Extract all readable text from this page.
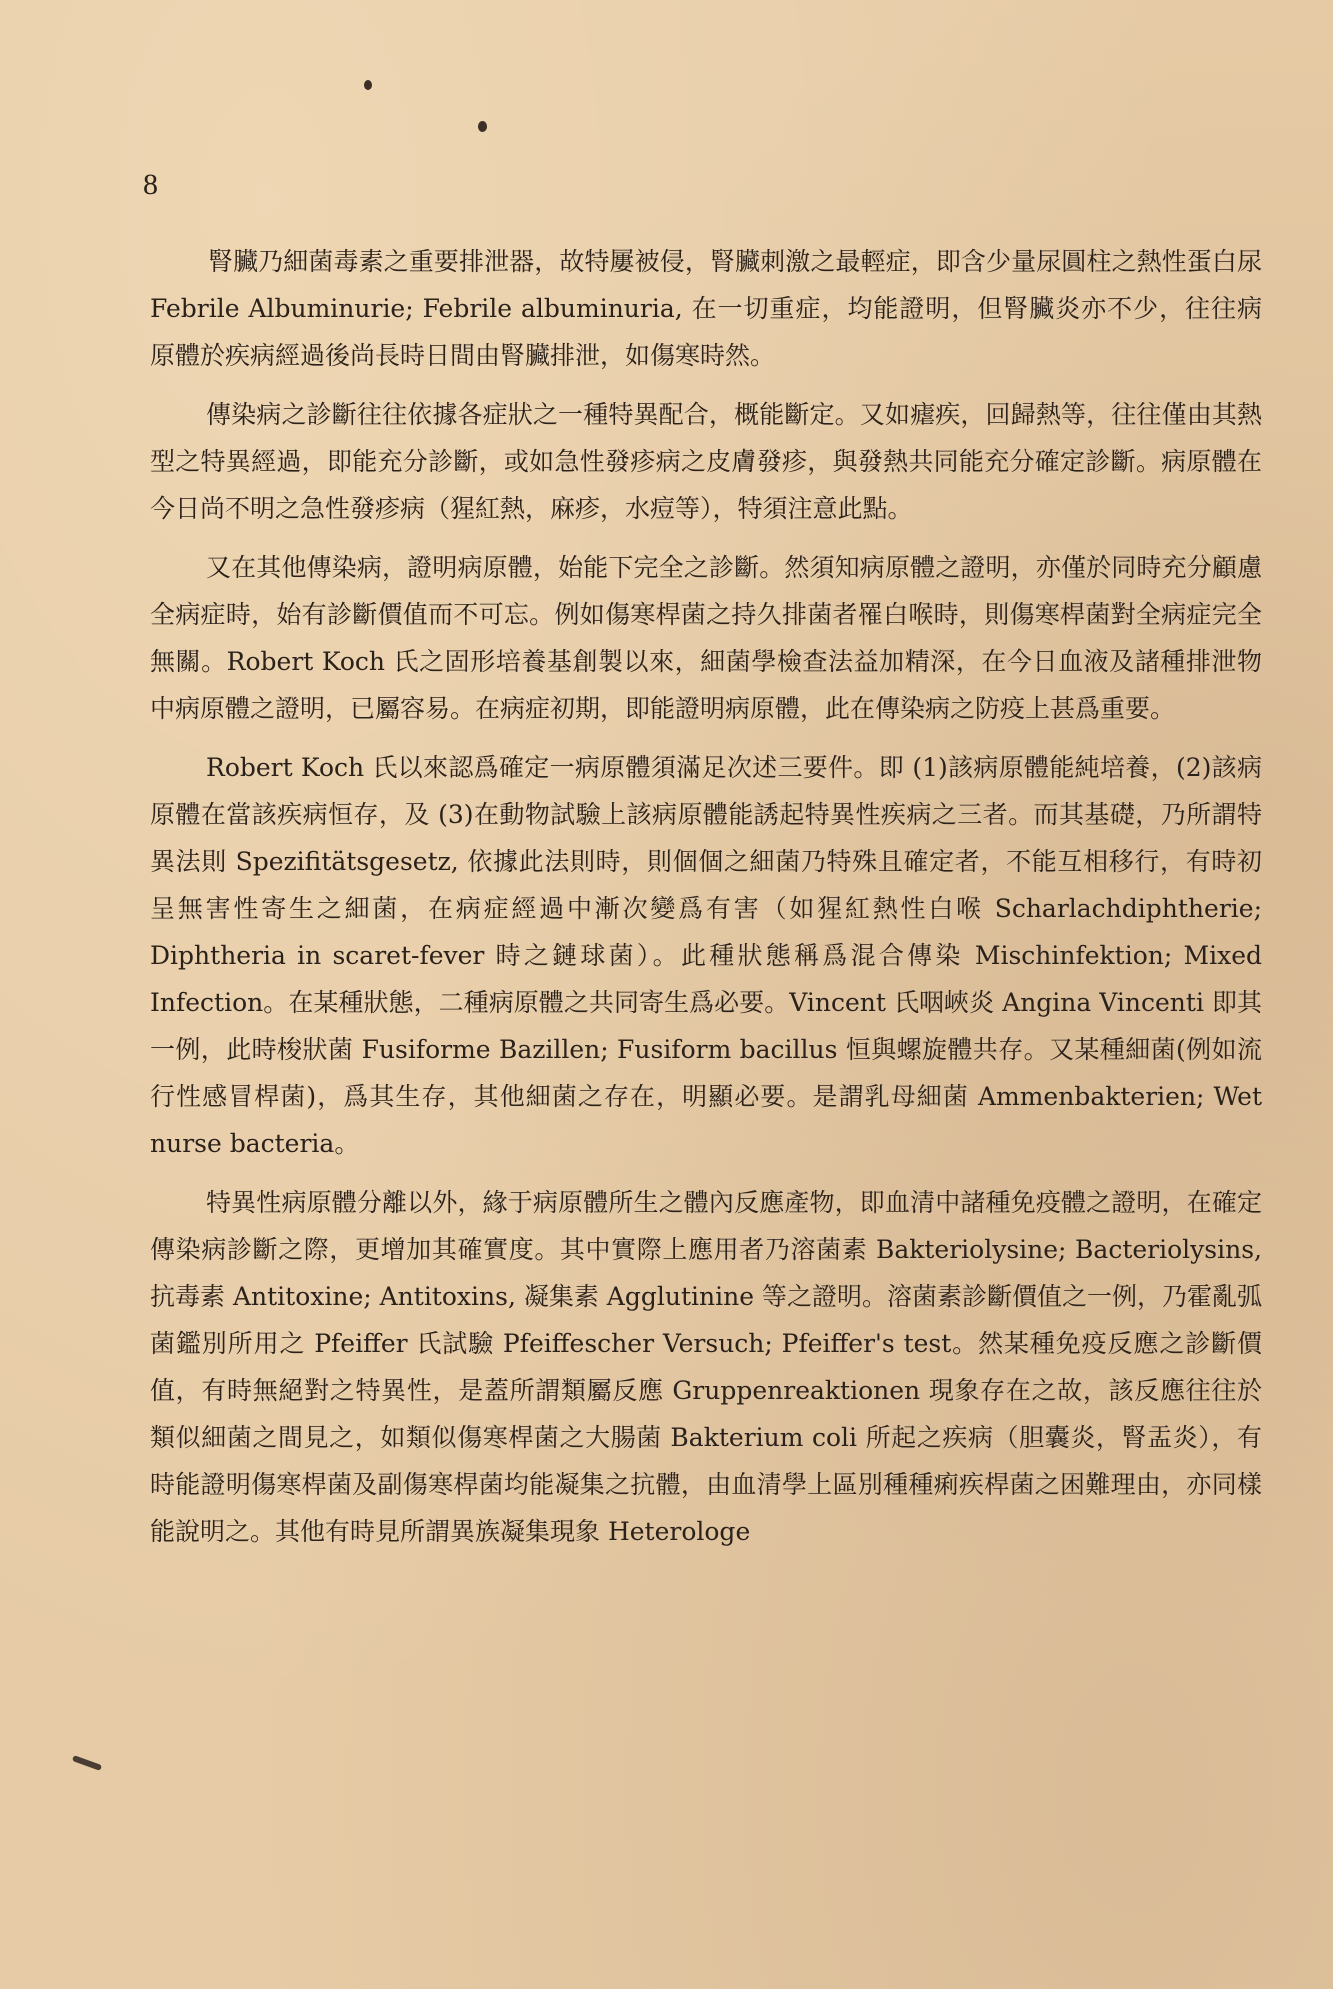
8

腎臟乃細菌毒素之重要排泄器，故特屢被侵，腎臟刺激之最輕症，即含少量尿圓柱之熱性蛋白尿 Febrile Albuminurie; Febrile albuminuria, 在一切重症，均能證明，但腎臟炎亦不少，往往病原體於疾病經過後尚長時日間由腎臟排泄，如傷寒時然。

傳染病之診斷往往依據各症狀之一種特異配合，概能斷定。又如瘧疾，回歸熱等，往往僅由其熱型之特異經過，即能充分診斷，或如急性發疹病之皮膚發疹，與發熱共同能充分確定診斷。病原體在今日尚不明之急性發疹病（猩紅熱，麻疹，水痘等），特須注意此點。

又在其他傳染病，證明病原體，始能下完全之診斷。然須知病原體之證明，亦僅於同時充分顧慮全病症時，始有診斷價值而不可忘。例如傷寒桿菌之持久排菌者罹白喉時，則傷寒桿菌對全病症完全無關。Robert Koch 氏之固形培養基創製以來，細菌學檢查法益加精深，在今日血液及諸種排泄物中病原體之證明，已屬容易。在病症初期，即能證明病原體，此在傳染病之防疫上甚爲重要。

Robert Koch 氏以來認爲確定一病原體須滿足次述三要件。即 (1)該病原體能純培養，(2)該病原體在當該疾病恒存，及 (3)在動物試驗上該病原體能誘起特異性疾病之三者。而其基礎，乃所謂特異法則 Spezifitätsgesetz, 依據此法則時，則個個之細菌乃特殊且確定者，不能互相移行，有時初呈無害性寄生之細菌，在病症經過中漸次變爲有害（如猩紅熱性白喉 Scharlachdiphtherie; Diphtheria in scaret-fever 時之鏈球菌）。此種狀態稱爲混合傳染 Mischinfektion; Mixed Infection。在某種狀態，二種病原體之共同寄生爲必要。Vincent 氏咽峽炎 Angina Vincenti 即其一例，此時梭狀菌 Fusiforme Bazillen; Fusiform bacillus 恒與螺旋體共存。又某種細菌(例如流行性感冒桿菌)，爲其生存，其他細菌之存在，明顯必要。是謂乳母細菌 Ammenbakterien; Wet nurse bacteria。

特異性病原體分離以外，緣于病原體所生之體內反應產物，即血清中諸種免疫體之證明，在確定傳染病診斷之際，更增加其確實度。其中實際上應用者乃溶菌素 Bakteriolysine; Bacteriolysins, 抗毒素 Antitoxine; Antitoxins, 凝集素 Agglutinine 等之證明。溶菌素診斷價值之一例，乃霍亂弧菌鑑別所用之 Pfeiffer 氏試驗 Pfeiffescher Versuch; Pfeiffer's test。然某種免疫反應之診斷價值，有時無絕對之特異性，是蓋所謂類屬反應 Gruppenreaktionen 現象存在之故，該反應往往於類似細菌之間見之，如類似傷寒桿菌之大腸菌 Bakterium coli 所起之疾病（胆囊炎，腎盂炎），有時能證明傷寒桿菌及副傷寒桿菌均能凝集之抗體，由血清學上區別種種痢疾桿菌之困難理由，亦同樣能說明之。其他有時見所謂異族凝集現象 Heterologe
